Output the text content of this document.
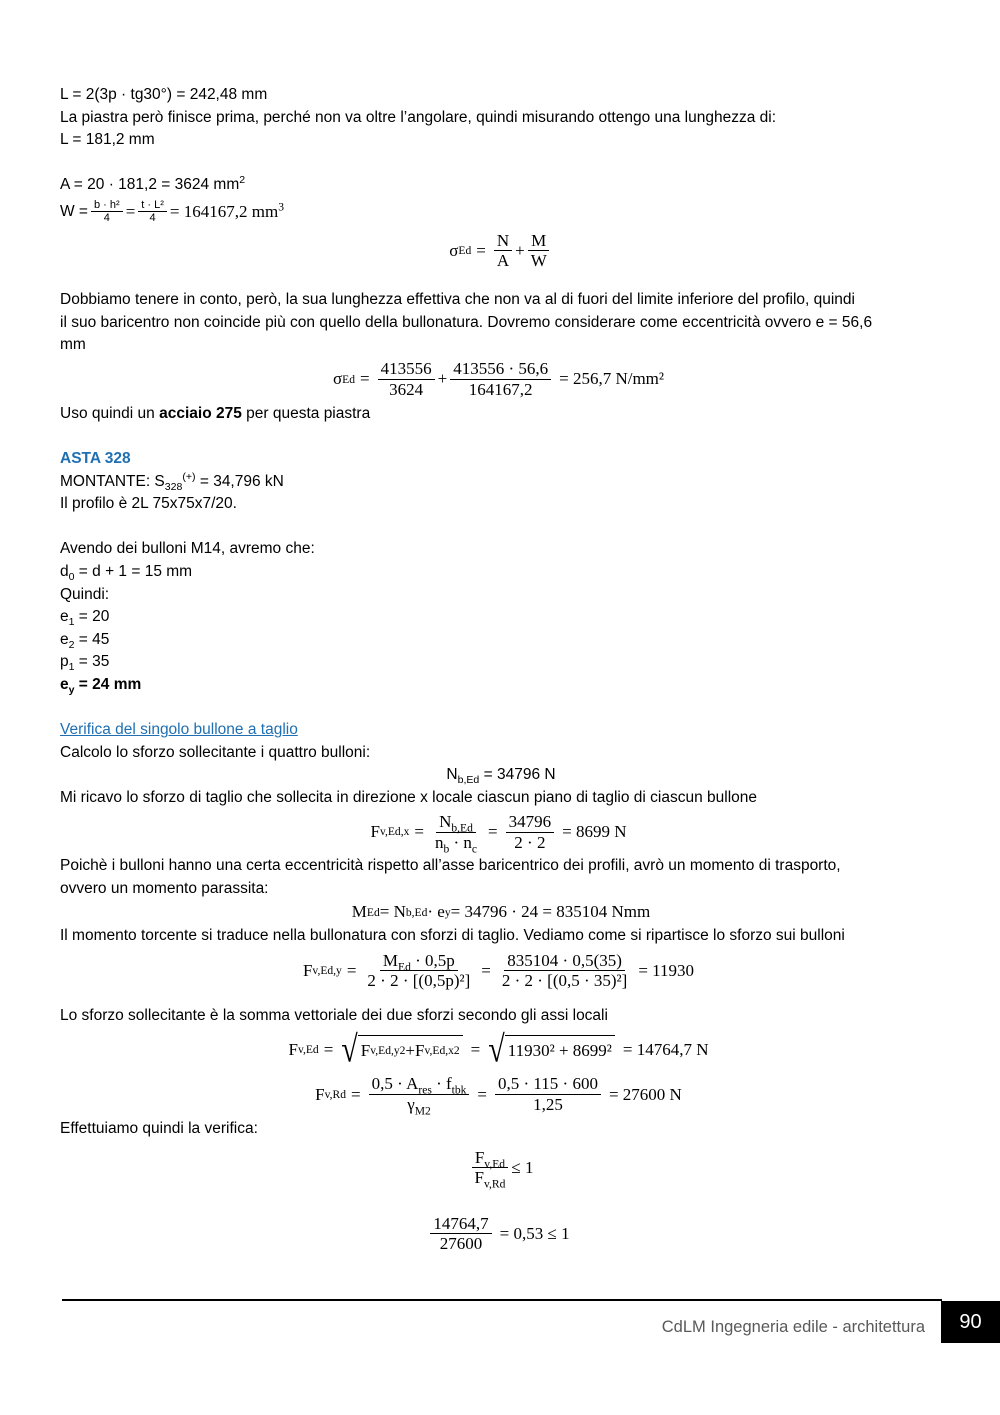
L = 2(3p · tg30°) = 242,48 mm

La piastra però finisce prima, perché non va oltre l’angolare, quindi misurando ottengo una lunghezza di:

L = 181,2 mm

A = 20 · 181,2 = 3624 $mm^2$

$W = \frac{\text{b · h²}}{4} = \frac{\text{t · L²}}{4} = 164167,2$ $mm^3$

σ $Ed = \frac{N}{A} + \frac{M}{W}$

Dobbiamo tenere in conto, però, la sua lunghezza effettiva che non va al di fuori del limite inferiore del profilo, quindi

il suo baricentro non coincide più con quello della bullonatura. Dovremo considerare come eccentricità ovvero e = 56,6

mm

σ $Ed = \frac{413556}{3624} + \frac{413556 \cdot 56,6}{164167,2} = 256,7$ N/mm²

Uso quindi un acciaio 275 per questa piastra

ASTA 328

MONTANTE: $S_{328}^{(+)} = 34,796$ kN

Il profilo è 2L 75x75x7/20.

Avendo dei bulloni M14, avremo che:

$d_0 = d + 1 = 15$ mm

Quindi:

$e_1 = 20$

$e_2 = 45$

$p_1 = 35$

$e_y = 24$ mm

Verifica del singolo bullone a taglio

Calcolo lo sforzo sollecitante i quattro bulloni:

$N_{b,Ed} = 34796$ N

Mi ricavo lo sforzo di taglio che sollecita in direzione x locale ciascun piano di taglio di ciascun bullone

F $v,Ed,x = \frac{N_{b,Ed}}{n_b \cdot n_c} = \frac{34796}{2 \cdot 2} = 8699$ N

Poichè i bulloni hanno una certa eccentricità rispetto all’asse baricentrico dei profili, avrò un momento di trasporto,

ovvero un momento parassita:

M Ed = N b,Ed · e y = 34796 · 24 = 835104 Nmm

Il momento torcente si traduce nella bullonatura con sforzi di taglio. Vediamo come si ripartisce lo sforzo sui bulloni

F $v,Ed,y = \frac{M_{Ed} \cdot 0,5p}{\text{2 · 2 · [(0,5p)²]}} = \frac{835104 \cdot 0,5(35)}{\text{2 · 2 · [(0,5 · 35)²]}} = 11930$

Lo sforzo sollecitante è la somma vettoriale dei due sforzi secondo gli assi locali

F v,Ed = √ F v,Ed,y 2 + F v,Ed,x 2 = √ 11930² + 8699² = 14764,7 N
F $v,Rd = \frac{0,5 \cdot A_{res} \cdot f_{tbk}}{\gamma_{M2}} = \frac{0,5 \cdot 115 \cdot 600}{1,25} = 27600$ N

Effettuiamo quindi la verifica:

$\frac{F_{v,Ed}}{F_{v,Rd}} \le 1$
$\frac{14764,7}{27600} = 0,53 \le 1$
CdLM Ingegneria edile - architettura	90
